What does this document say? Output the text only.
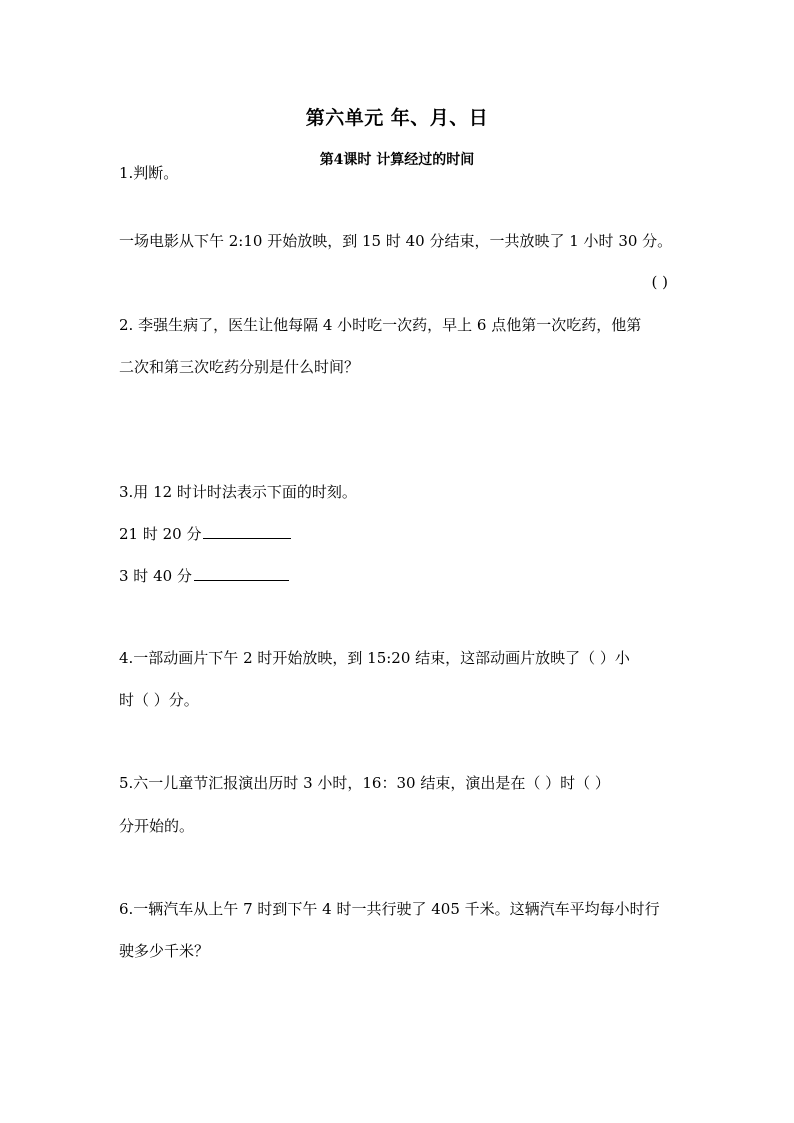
第六单元 年、月、日
第4课时 计算经过的时间
1.判断。
一场电影从下午 2:10 开始放映，到 15 时 40 分结束，一共放映了 1 小时 30 分。
( )
2. 李强生病了，医生让他每隔 4 小时吃一次药，早上 6 点他第一次吃药，他第
二次和第三次吃药分别是什么时间？
3.用 12 时计时法表示下面的时刻。
21 时 20 分
3 时 40 分
4.一部动画片下午 2 时开始放映，到 15:20 结束，这部动画片放映了（ ）小
时（ ）分。
5.六一儿童节汇报演出历时 3 小时，16：30 结束，演出是在（ ）时（ ）
分开始的。
6.一辆汽车从上午 7 时到下午 4 时一共行驶了 405 千米。这辆汽车平均每小时行
驶多少千米？
